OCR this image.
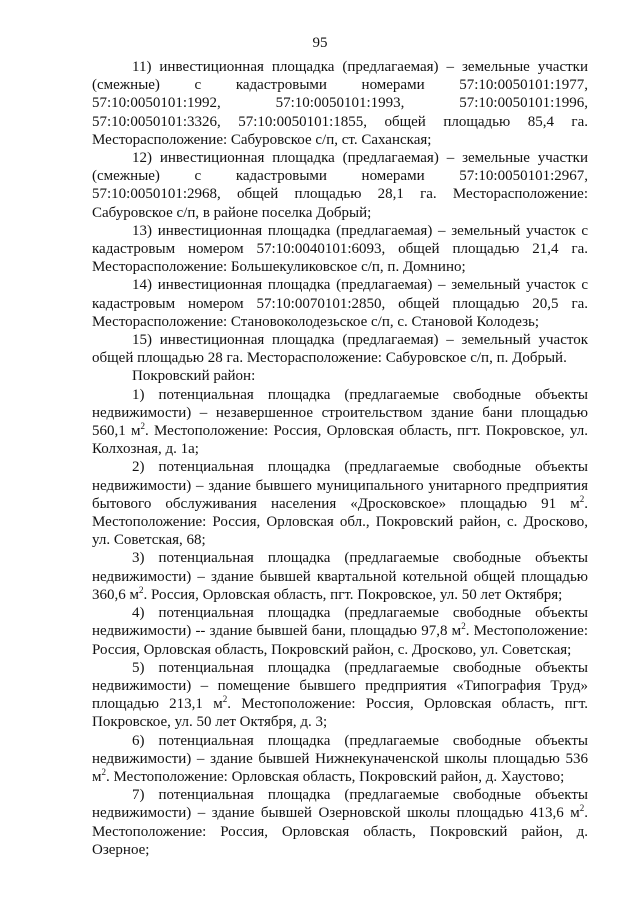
95

11) инвестиционная площадка (предлагаемая) – земельные участки (смежные) с кадастровыми номерами 57:10:0050101:1977, 57:10:0050101:1992, 57:10:0050101:1993, 57:10:0050101:1996, 57:10:0050101:3326, 57:10:0050101:1855, общей площадью 85,4 га. Месторасположение: Сабуровское с/п, ст. Саханская;

12) инвестиционная площадка (предлагаемая) – земельные участки (смежные) с кадастровыми номерами 57:10:0050101:2967, 57:10:0050101:2968, общей площадью 28,1 га. Месторасположение: Сабуровское с/п, в районе поселка Добрый;

13) инвестиционная площадка (предлагаемая) – земельный участок с кадастровым номером 57:10:0040101:6093, общей площадью 21,4 га. Месторасположение: Большекуликовское с/п, п. Домнино;

14) инвестиционная площадка (предлагаемая) – земельный участок с кадастровым номером 57:10:0070101:2850, общей площадью 20,5 га. Месторасположение: Становоколодезьское с/п, с. Становой Колодезь;

15) инвестиционная площадка (предлагаемая) – земельный участок общей площадью 28 га. Месторасположение: Сабуровское с/п, п. Добрый.

Покровский район:

1) потенциальная площадка (предлагаемые свободные объекты недвижимости) – незавершенное строительством здание бани площадью 560,1 $м^2$. Местоположение: Россия, Орловская область, пгт. Покровское, ул. Колхозная, д. 1а;

2) потенциальная площадка (предлагаемые свободные объекты недвижимости) – здание бывшего муниципального унитарного предприятия бытового обслуживания населения «Дросковское» площадью 91 $м^2$. Местоположение: Россия, Орловская обл., Покровский район, с. Дросково, ул. Советская, 68;

3) потенциальная площадка (предлагаемые свободные объекты недвижимости) – здание бывшей квартальной котельной общей площадью 360,6 $м^2$. Россия, Орловская область, пгт. Покровское, ул. 50 лет Октября;

4) потенциальная площадка (предлагаемые свободные объекты недвижимости) -- здание бывшей бани, площадью 97,8 $м^2$. Местоположение: Россия, Орловская область, Покровский район, с. Дросково, ул. Советская;

5) потенциальная площадка (предлагаемые свободные объекты недвижимости) – помещение бывшего предприятия «Типография Труд» площадью 213,1 $м^2$. Местоположение: Россия, Орловская область, пгт. Покровское, ул. 50 лет Октября, д. 3;

6) потенциальная площадка (предлагаемые свободные объекты недвижимости) – здание бывшей Нижнекуначенской школы площадью 536 $м^2$. Местоположение: Орловская область, Покровский район, д. Хаустово;

7) потенциальная площадка (предлагаемые свободные объекты недвижимости) – здание бывшей Озерновской школы площадью 413,6 $м^2$. Местоположение: Россия, Орловская область, Покровский район, д. Озерное;
